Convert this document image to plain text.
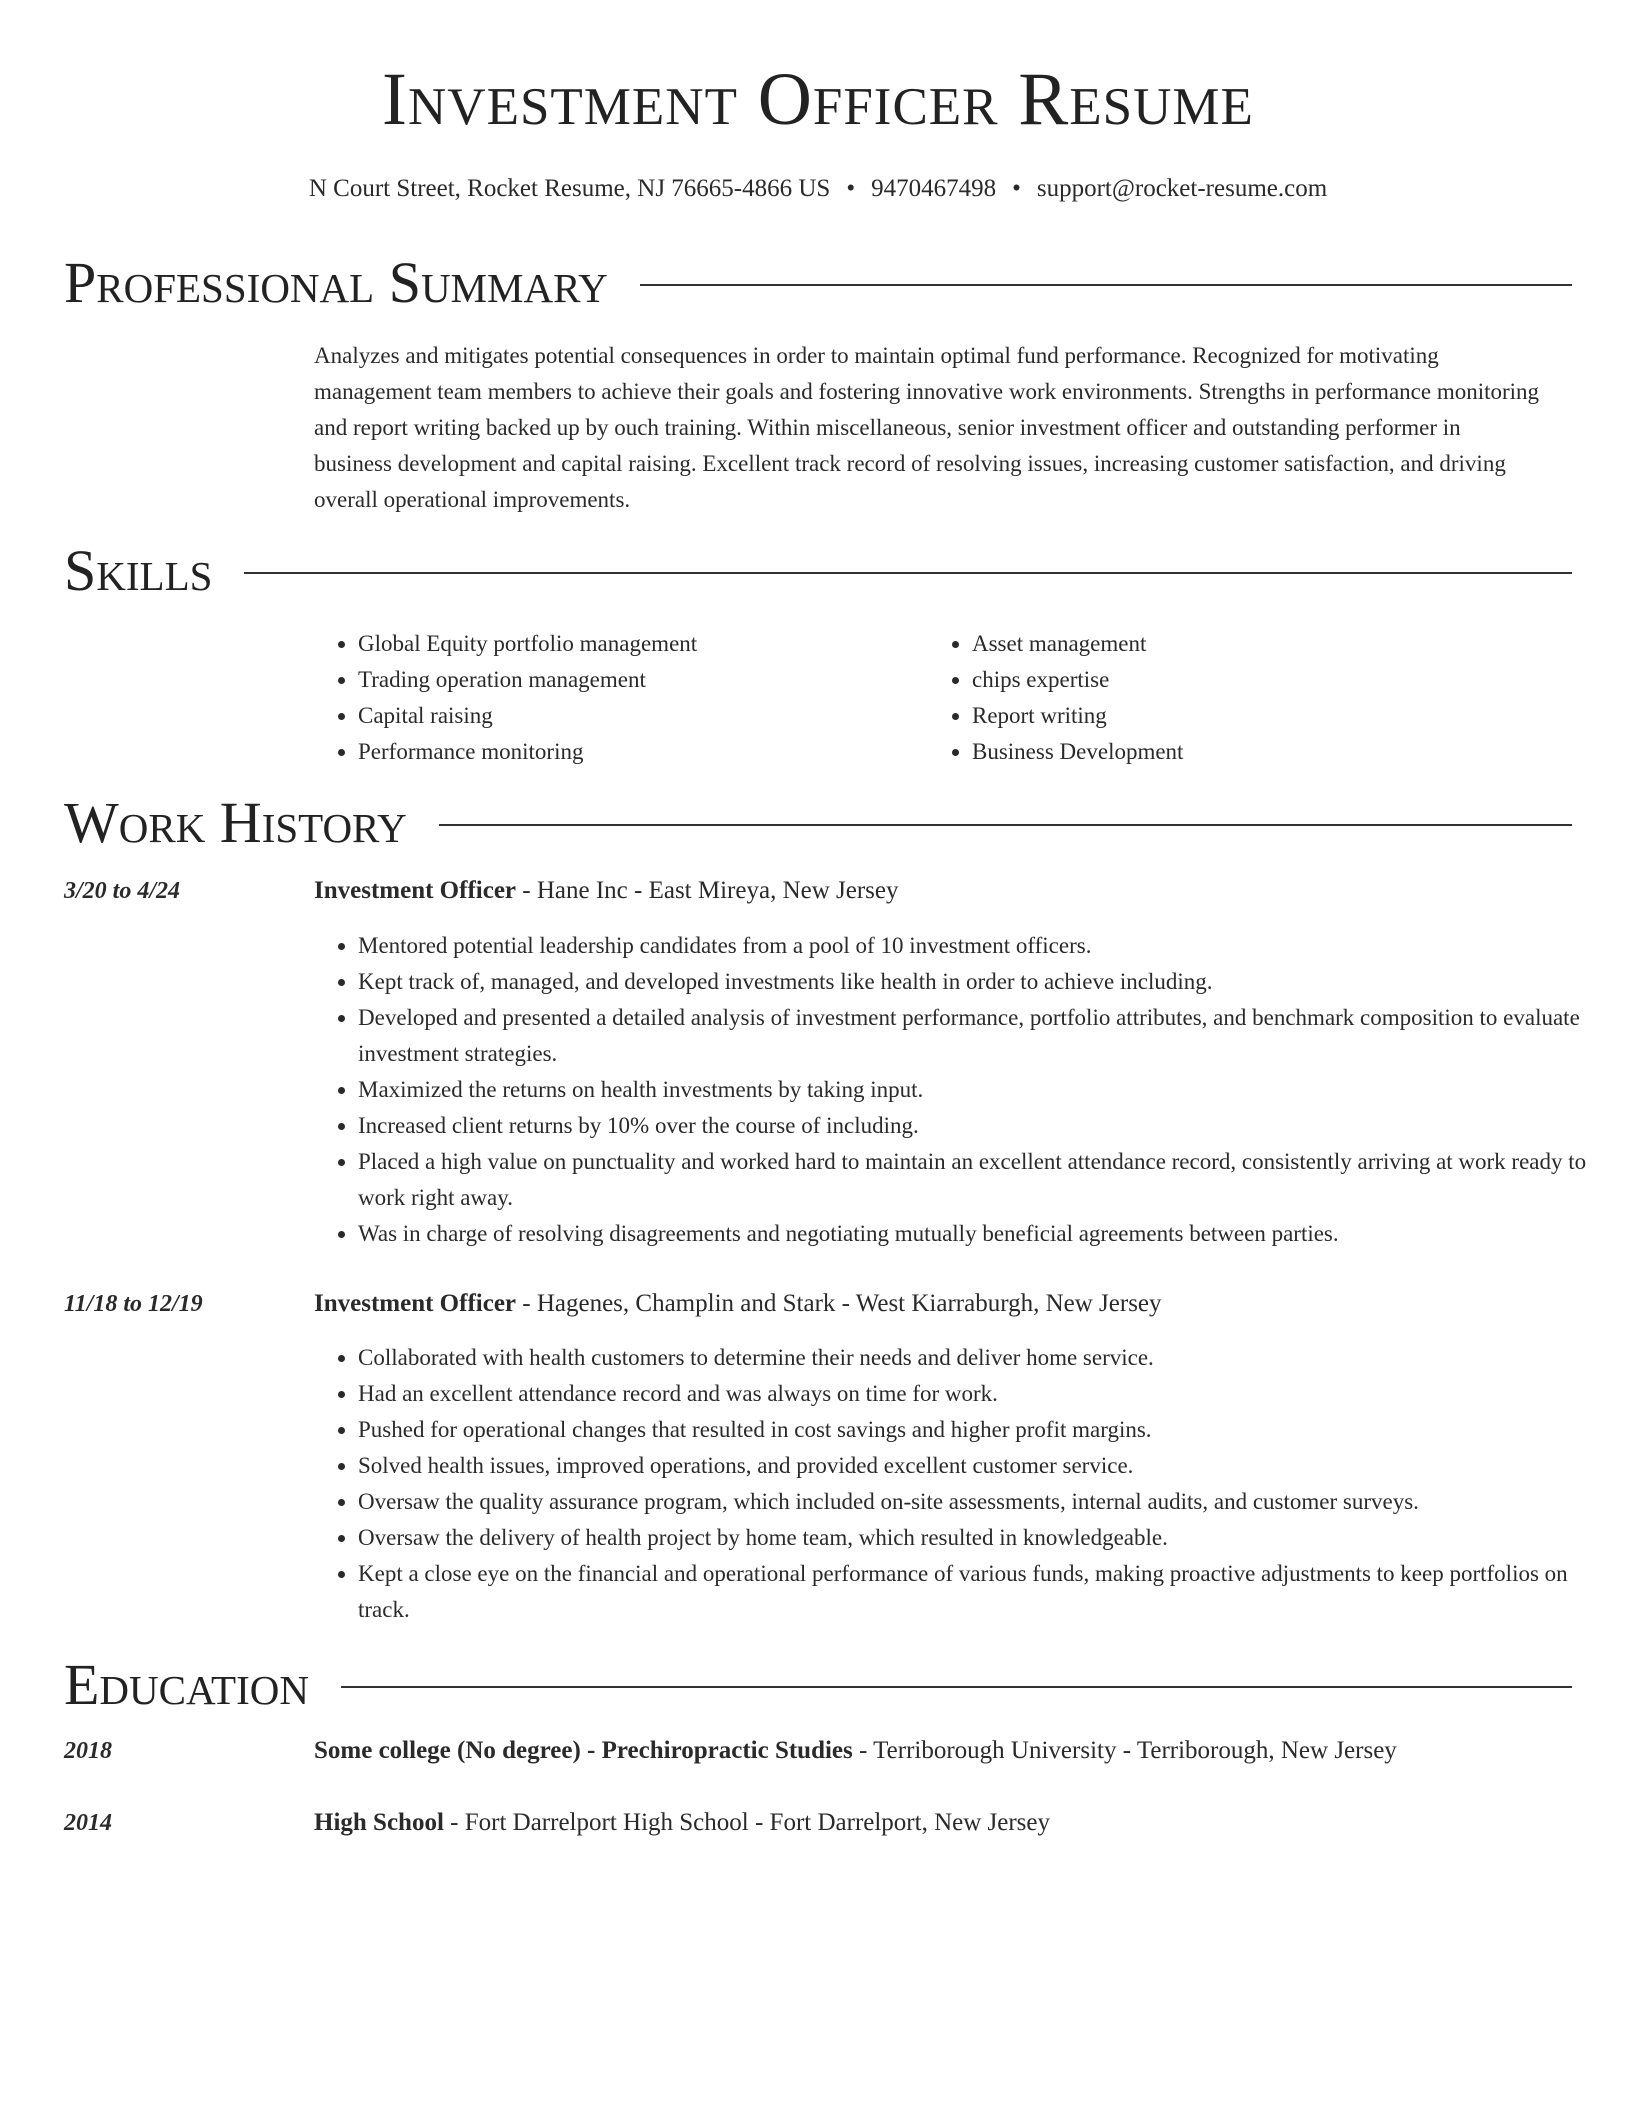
Investment Officer Resume
N Court Street, Rocket Resume, NJ 76665-4866 US • 9470467498 • support@rocket-resume.com
Professional Summary

Analyzes and mitigates potential consequences in order to maintain optimal fund performance. Recognized for motivating management team members to achieve their goals and fostering innovative work environments. Strengths in performance monitoring and report writing backed up by ouch training. Within miscellaneous, senior investment officer and outstanding performer in business development and capital raising. Excellent track record of resolving issues, increasing customer satisfaction, and driving overall operational improvements.

Skills
• Global Equity portfolio management
• Trading operation management
• Capital raising
• Performance monitoring
• Asset management
• chips expertise
• Report writing
• Business Development
Work History
3/20 to 4/24	Investment Officer - Hane Inc - East Mireya, New Jersey
• Mentored potential leadership candidates from a pool of 10 investment officers.
• Kept track of, managed, and developed investments like health in order to achieve including.
• Developed and presented a detailed analysis of investment performance, portfolio attributes, and benchmark composition to evaluate investment strategies.
• Maximized the returns on health investments by taking input.
• Increased client returns by 10% over the course of including.
• Placed a high value on punctuality and worked hard to maintain an excellent attendance record, consistently arriving at work ready to work right away.
• Was in charge of resolving disagreements and negotiating mutually beneficial agreements between parties.
11/18 to 12/19	Investment Officer - Hagenes, Champlin and Stark - West Kiarraburgh, New Jersey
• Collaborated with health customers to determine their needs and deliver home service.
• Had an excellent attendance record and was always on time for work.
• Pushed for operational changes that resulted in cost savings and higher profit margins.
• Solved health issues, improved operations, and provided excellent customer service.
• Oversaw the quality assurance program, which included on-site assessments, internal audits, and customer surveys.
• Oversaw the delivery of health project by home team, which resulted in knowledgeable.
• Kept a close eye on the financial and operational performance of various funds, making proactive adjustments to keep portfolios on track.
Education
2018	Some college (No degree) - Prechiropractic Studies - Terriborough University - Terriborough, New Jersey
2014	High School - Fort Darrelport High School - Fort Darrelport, New Jersey
